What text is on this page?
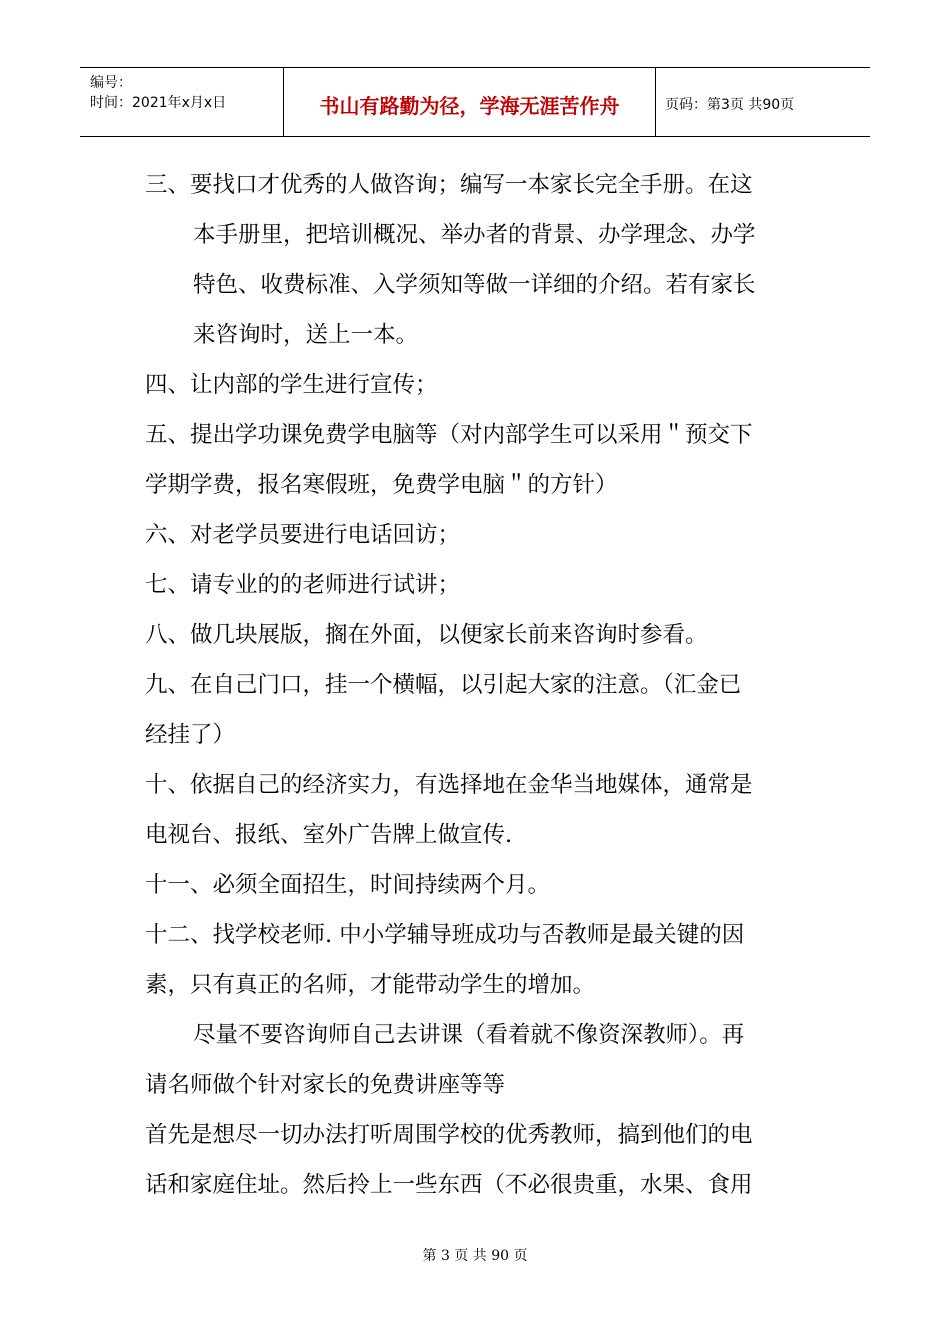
编号：
时间：2021年x月x日	书山有路勤为径，学海无涯苦作舟	页码：第3页 共90页
三、要找口才优秀的人做咨询；编写一本家长完全手册。在这
本手册里，把培训概况、举办者的背景、办学理念、办学
特色、收费标准、入学须知等做一详细的介绍。若有家长
来咨询时，送上一本。
四、让内部的学生进行宣传；
五、提出学功课免费学电脑等（对内部学生可以采用＂预交下
学期学费，报名寒假班，免费学电脑＂的方针）
六、对老学员要进行电话回访；
七、请专业的的老师进行试讲；
八、做几块展版，搁在外面，以便家长前来咨询时参看。
九、在自己门口，挂一个横幅，以引起大家的注意。（汇金已
经挂了）
十、依据自己的经济实力，有选择地在金华当地媒体，通常是
电视台、报纸、室外广告牌上做宣传.
十一、必须全面招生，时间持续两个月。
十二、找学校老师. 中小学辅导班成功与否教师是最关键的因
素，只有真正的名师，才能带动学生的增加。
尽量不要咨询师自己去讲课（看着就不像资深教师）。再
请名师做个针对家长的免费讲座等等
首先是想尽一切办法打听周围学校的优秀教师，搞到他们的电
话和家庭住址。然后拎上一些东西（不必很贵重，水果、食用
第 3 页 共 90 页
